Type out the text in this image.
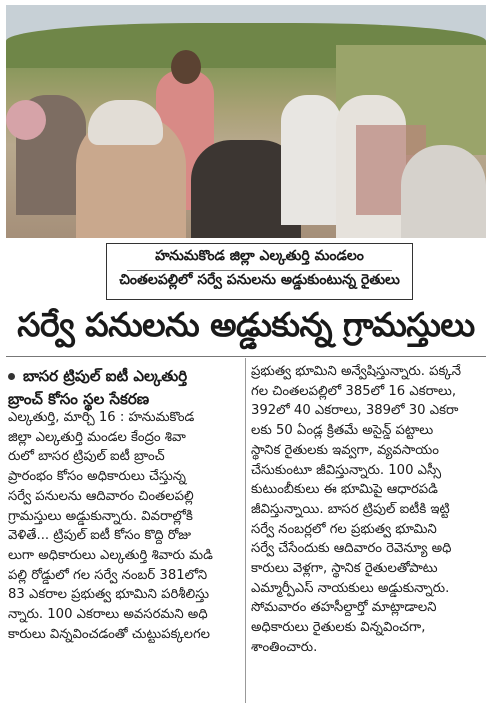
హనుమకొండ జిల్లా ఎల్కతుర్తి మండలం
చింతలపల్లిలో సర్వే పనులను అడ్డుకుంటున్న రైతులు
సర్వే పనులను అడ్డుకున్న గ్రామస్తులు
బాసర ట్రిపుల్ ఐటీ ఎల్కతుర్తి
బ్రాంచ్ కోసం స్థల సేకరణ
ఎల్కతుర్తి, మార్చి 16 : హనుమకొండ
జిల్లా ఎల్కతుర్తి మండల కేంద్రం శివా
రులో బాసర ట్రిపుల్ ఐటీ బ్రాంచ్
ప్రారంభం కోసం అధికారులు చేస్తున్న
సర్వే పనులను ఆదివారం చింతలపల్లి
గ్రామస్తులు అడ్డుకున్నారు. వివరాల్లోకి
వెళితే... ట్రిపుల్ ఐటీ కోసం కొద్ది రోజు
లుగా అధికారులు ఎల్కతుర్తి శివారు మడి
పల్లి రోడ్డులో గల సర్వే నంబర్ 381లోని
83 ఎకరాల ప్రభుత్వ భూమిని పరిశీలిస్తు
న్నారు. 100 ఎకరాలు అవసరమని అధి
కారులు విన్నవించడంతో చుట్టుపక్కలగల
ప్రభుత్వ భూమిని అన్వేషిస్తున్నారు. పక్కనే
గల చింతలపల్లిలో 385లో 16 ఎకరాలు,
392లో 40 ఎకరాలు, 389లో 30 ఎకరా
లకు 50 ఏండ్ల క్రితమే అసైన్డ్ పట్టాలు
స్థానిక రైతులకు ఇవ్వగా, వ్యవసాయం
చేసుకుంటూ జీవిస్తున్నారు. 100 ఎస్సీ
కుటుంబీకులు ఈ భూమిపై ఆధారపడి
జీవిస్తున్నాయి. బాసర ట్రిపుల్ ఐటీకి ఇట్టి
సర్వే నంబర్లలో గల ప్రభుత్వ భూమిని
సర్వే చేసేందుకు ఆదివారం రెవెన్యూ అధి
కారులు వెళ్లగా, స్థానిక రైతులతోపాటు
ఎమ్మార్పీఎస్ నాయకులు అడ్డుకున్నారు.
సోమవారం తహసీల్దార్తో మాట్లాడాలని
అధికారులు రైతులకు విన్నవించగా,
శాంతించారు.
